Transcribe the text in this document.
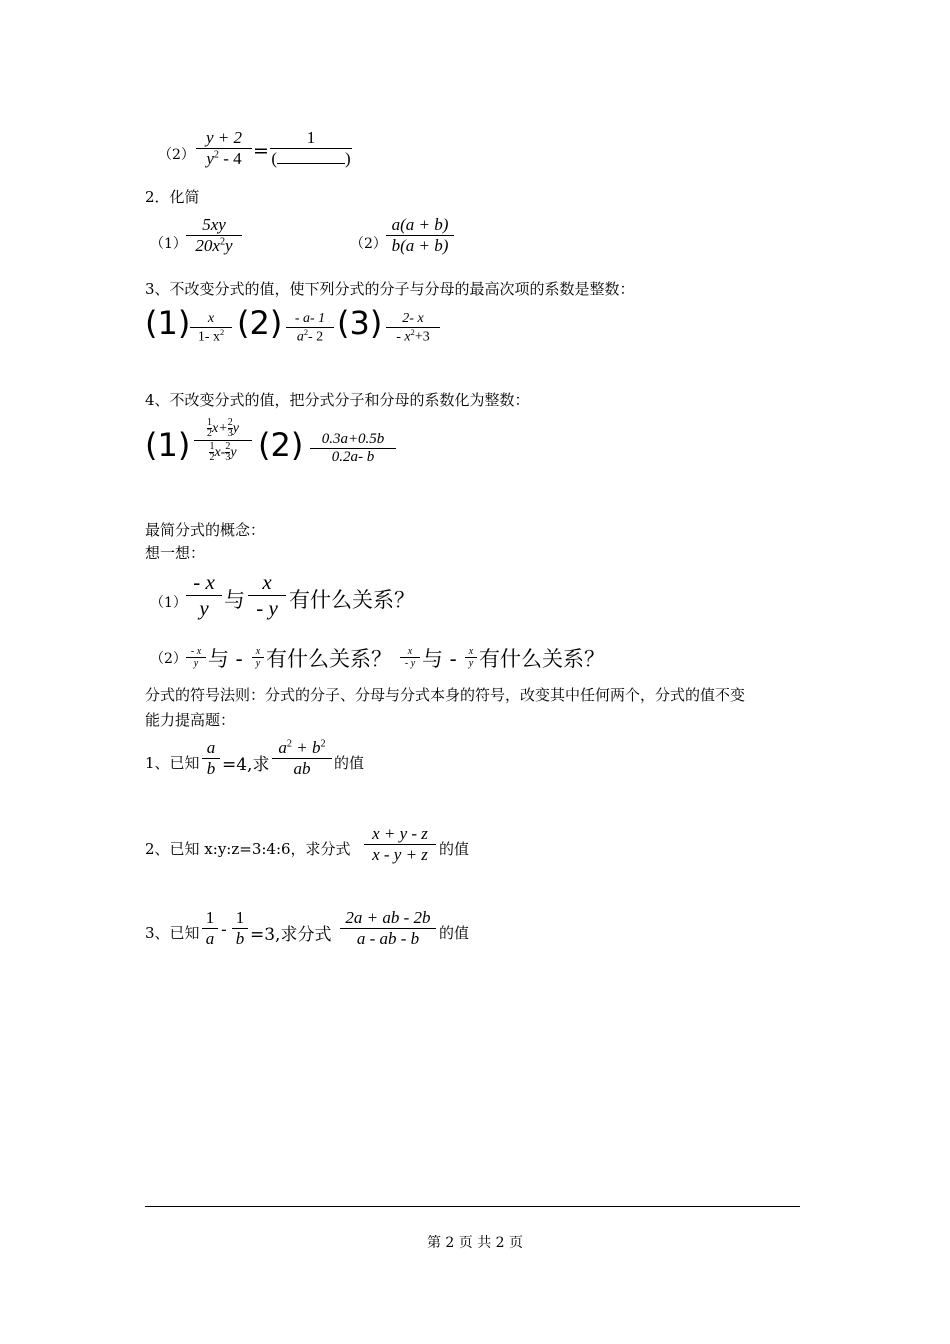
（2）
y + 2
$y^2 - 4$ =
1
(	)
2．化简
（1）
5xy
$20x^2y$	（2）
a(a + b)
b(a + b)
3、不改变分式的值，使下列分式的分子与分母的最高次项的系数是整数：
(1)	x
1- $x^2$ (2) - a- 1
$a^2-$ 2 (3)	2- x
- $x^2+3$
4、不改变分式的值，把分式分子和分母的系数化为整数：
(1)
1
2 $x+ \frac{2}{3}$ y
1
2 x- 2
3 y (2)	0.3a+0.5b
0.2a- b
最简分式的概念：
想一想：
（1）
- x
y 与
x
- y 有什么关系？
（2） - x
y 与 -	x
y 有什么关系？	x
- y 与 -	x
y 有什么关系？
分式的符号法则：分式的分子、分母与分式本身的符号，改变其中任何两个，分式的值不变
能力提高题：
1、已知
a
b =4,求
$a^2 + b^2$
ab	的值
2、已知 x:y:z=3:4:6，求分式
x + y - z
x - y + z 的值
3、已知
1
a -
1
b =3,求分式
2a + ab - 2b
a - ab - b	的值
第 2 页 共 2 页
